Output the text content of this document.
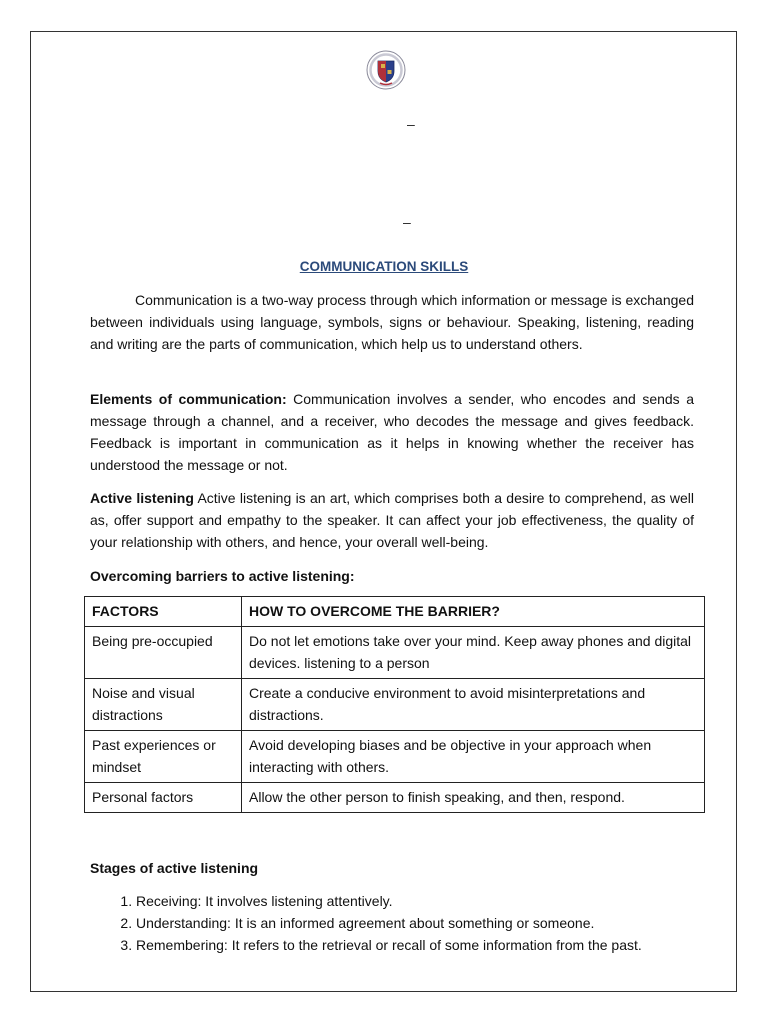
–
–
COMMUNICATION SKILLS

Communication is a two-way process through which information or message is exchanged between individuals using language, symbols, signs or behaviour. Speaking, listening, reading and writing are the parts of communication, which help us to understand others.

Elements of communication: Communication involves a sender, who encodes and sends a message through a channel, and a receiver, who decodes the message and gives feedback. Feedback is important in communication as it helps in knowing whether the receiver has understood the message or not.

Active listening Active listening is an art, which comprises both a desire to comprehend, as well as, offer support and empathy to the speaker. It can affect your job effectiveness, the quality of your relationship with others, and hence, your overall well-being.

Overcoming barriers to active listening:

FACTORS	HOW TO OVERCOME THE BARRIER?
Being pre-occupied	Do not let emotions take over your mind. Keep away phones and digital devices. listening to a person
Noise and visual distractions	Create a conducive environment to avoid misinterpretations and distractions.
Past experiences or mindset	Avoid developing biases and be objective in your approach when interacting with others.
Personal factors	Allow the other person to finish speaking, and then, respond.
Stages of active listening
1. Receiving: It involves listening attentively.
2. Understanding: It is an informed agreement about something or someone.
3. Remembering: It refers to the retrieval or recall of some information from the past.
